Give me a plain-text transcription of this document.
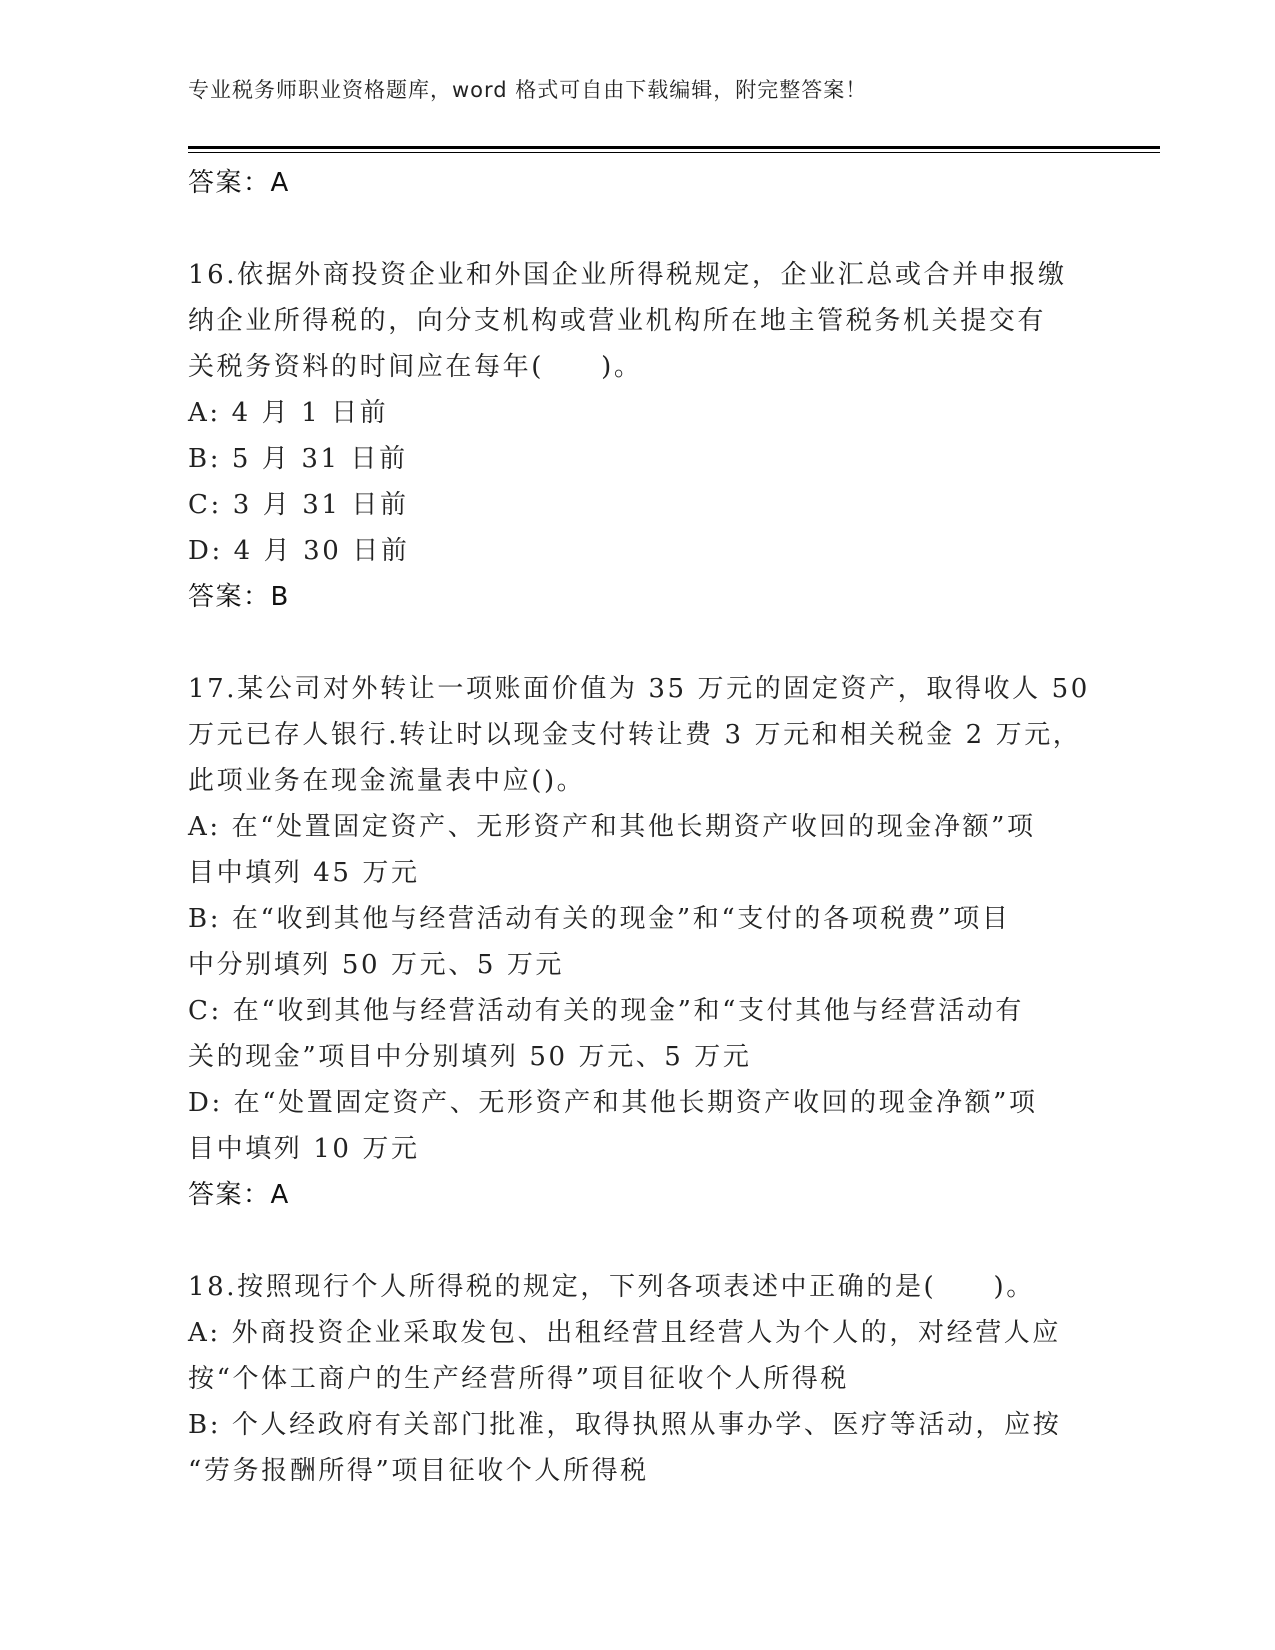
专业税务师职业资格题库，word 格式可自由下载编辑，附完整答案！
答案：A
16.依据外商投资企业和外国企业所得税规定，企业汇总或合并申报缴
纳企业所得税的，向分支机构或营业机构所在地主管税务机关提交有
关税务资料的时间应在每年(　　)。
A: 4 月 1 日前
B: 5 月 31 日前
C: 3 月 31 日前
D: 4 月 30 日前
答案：B
17.某公司对外转让一项账面价值为 35 万元的固定资产，取得收人 50
万元已存人银行.转让时以现金支付转让费 3 万元和相关税金 2 万元，
此项业务在现金流量表中应()。
A: 在“处置固定资产、无形资产和其他长期资产收回的现金净额”项
目中填列 45 万元
B: 在“收到其他与经营活动有关的现金”和“支付的各项税费”项目
中分别填列 50 万元、5 万元
C: 在“收到其他与经营活动有关的现金”和“支付其他与经营活动有
关的现金”项目中分别填列 50 万元、5 万元
D: 在“处置固定资产、无形资产和其他长期资产收回的现金净额”项
目中填列 10 万元
答案：A
18.按照现行个人所得税的规定，下列各项表述中正确的是(　　)。
A: 外商投资企业采取发包、出租经营且经营人为个人的，对经营人应
按“个体工商户的生产经营所得”项目征收个人所得税
B: 个人经政府有关部门批准，取得执照从事办学、医疗等活动，应按
“劳务报酬所得”项目征收个人所得税
